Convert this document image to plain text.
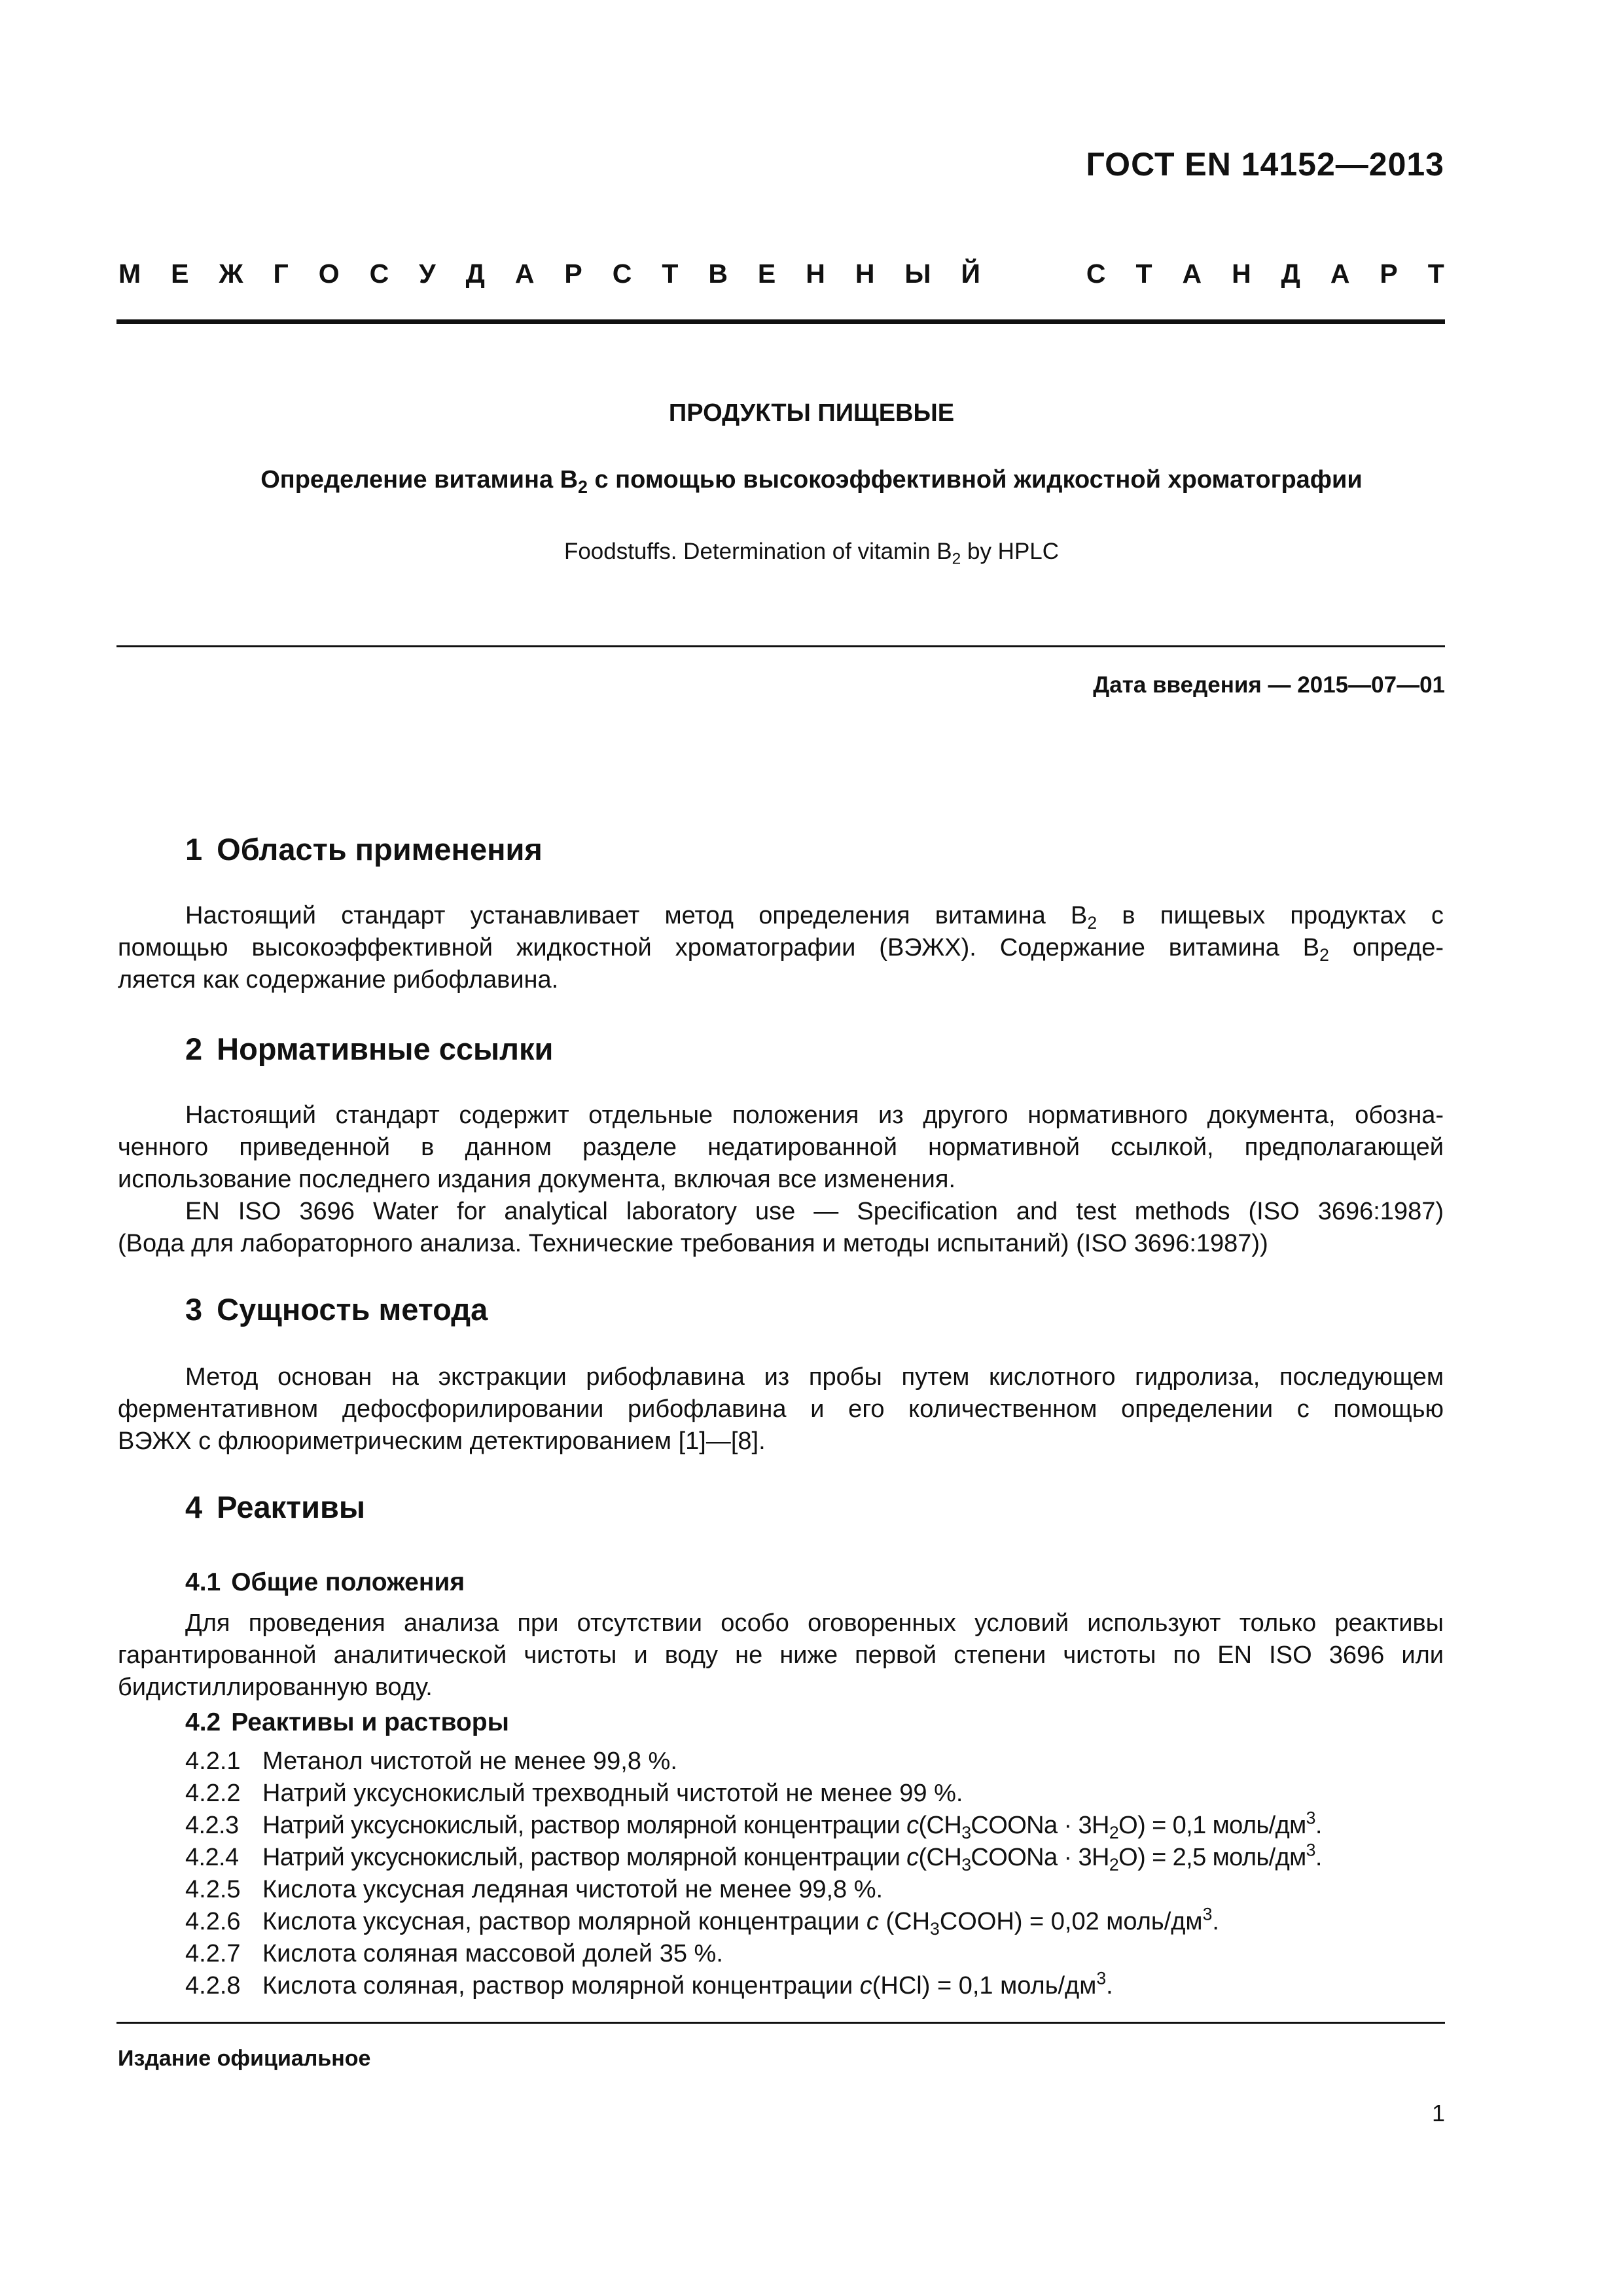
ГОСТ EN 14152—2013
М Е Ж Г О С У Д А Р С Т В Е Н Н Ы Й	С Т А Н Д А Р Т
ПРОДУКТЫ ПИЩЕВЫЕ
Определение витамина $В_2$ с помощью высокоэффективной жидкостной хроматографии
Foodstuffs. Determination of vitamin $B_2$ by HPLC
Дата введения — 2015—07—01
1 Область применения
Настоящий стандарт устанавливает метод определения витамина $В_2$ в пищевых продуктах с
помощью высокоэффективной жидкостной хроматографии (ВЭЖХ). Содержание витамина $В_2$ опреде-
ляется как содержание рибофлавина.
2 Нормативные ссылки
Настоящий стандарт содержит отдельные положения из другого нормативного документа, обозна-
ченного приведенной в данном разделе недатированной нормативной ссылкой, предполагающей
использование последнего издания документа, включая все изменения.
EN ISO 3696 Water for analytical laboratory use — Specification and test methods (ISO 3696:1987)
(Вода для лабораторного анализа. Технические требования и методы испытаний) (ISO 3696:1987))
3 Сущность метода
Метод основан на экстракции рибофлавина из пробы путем кислотного гидролиза, последующем
ферментативном дефосфорилировании рибофлавина и его количественном определении с помощью
ВЭЖХ с флюориметрическим детектированием [1]—[8].
4 Реактивы
4.1 Общие положения
Для проведения анализа при отсутствии особо оговоренных условий используют только реактивы
гарантированной аналитической чистоты и воду не ниже первой степени чистоты по EN ISO 3696 или
бидистиллированную воду.
4.2 Реактивы и растворы
4.2.1 Метанол чистотой не менее 99,8 %.
4.2.2 Натрий уксуснокислый трехводный чистотой не менее 99 %.
4.2.3 Натрий уксуснокислый, раствор молярной концентрации $c(CH_3COONa \cdot 3H_2O) = 0,1$ моль/$дм^3$.
4.2.4 Натрий уксуснокислый, раствор молярной концентрации $c(CH_3COONa \cdot 3H_2O) = 2,5$ моль/$дм^3$.
4.2.5 Кислота уксусная ледяная чистотой не менее 99,8 %.
4.2.6 Кислота уксусная, раствор молярной концентрации c $(CH_3COOH) = 0,02$ моль/$дм^3$.
4.2.7 Кислота соляная массовой долей 35 %.
4.2.8 Кислота соляная, раствор молярной концентрации c(HCl) = 0,1 моль/$дм^3$.
Издание официальное
1
